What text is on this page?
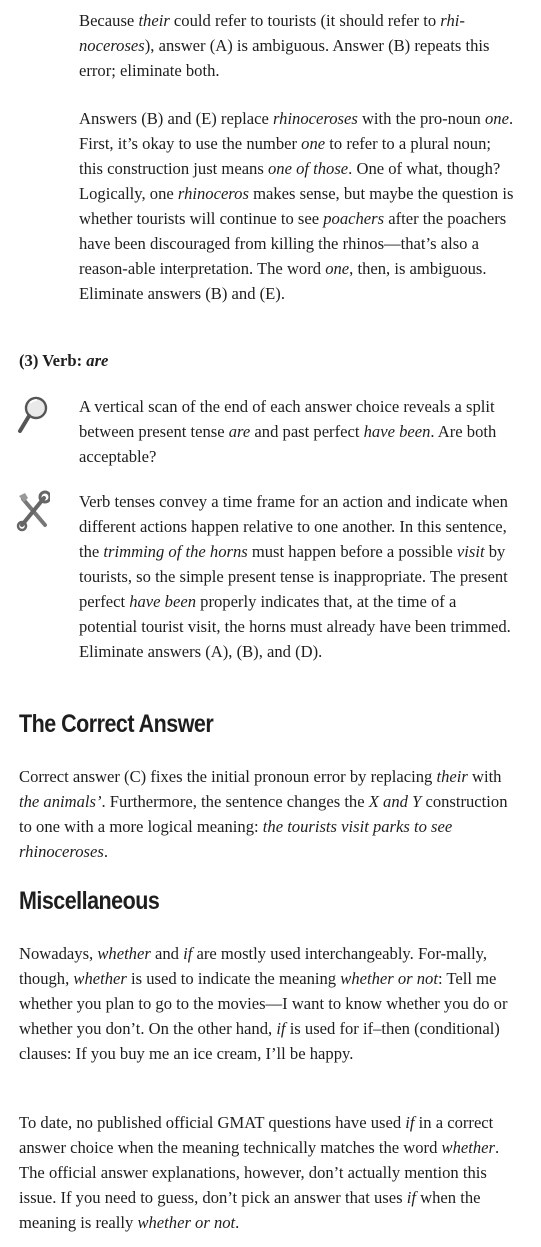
Because their could refer to tourists (it should refer to rhi-noceroses), answer (A) is ambiguous. Answer (B) repeats this error; eliminate both.

Answers (B) and (E) replace rhinoceroses with the pro-noun one. First, it’s okay to use the number one to refer to a plural noun; this construction just means one of those. One of what, though? Logically, one rhinoceros makes sense, but maybe the question is whether tourists will continue to see poachers after the poachers have been discouraged from killing the rhinos—that’s also a reason-able interpretation. The word one, then, is ambiguous. Eliminate answers (B) and (E).

(3) Verb: are

A vertical scan of the end of each answer choice reveals a split between present tense are and past perfect have been. Are both acceptable?

Verb tenses convey a time frame for an action and indicate when different actions happen relative to one another. In this sentence, the trimming of the horns must happen before a possible visit by tourists, so the simple present tense is inappropriate. The present perfect have been properly indicates that, at the time of a potential tourist visit, the horns must already have been trimmed. Eliminate answers (A), (B), and (D).

The Correct Answer

Correct answer (C) fixes the initial pronoun error by replacing their with the animals’. Furthermore, the sentence changes the X and Y construction to one with a more logical meaning: the tourists visit parks to see rhinoceroses.

Miscellaneous

Nowadays, whether and if are mostly used interchangeably. For-mally, though, whether is used to indicate the meaning whether or not: Tell me whether you plan to go to the movies—I want to know whether you do or whether you don’t. On the other hand, if is used for if–then (conditional) clauses: If you buy me an ice cream, I’ll be happy.

To date, no published official GMAT questions have used if in a correct answer choice when the meaning technically matches the word whether. The official answer explanations, however, don’t actually mention this issue. If you need to guess, don’t pick an answer that uses if when the meaning is really whether or not.
